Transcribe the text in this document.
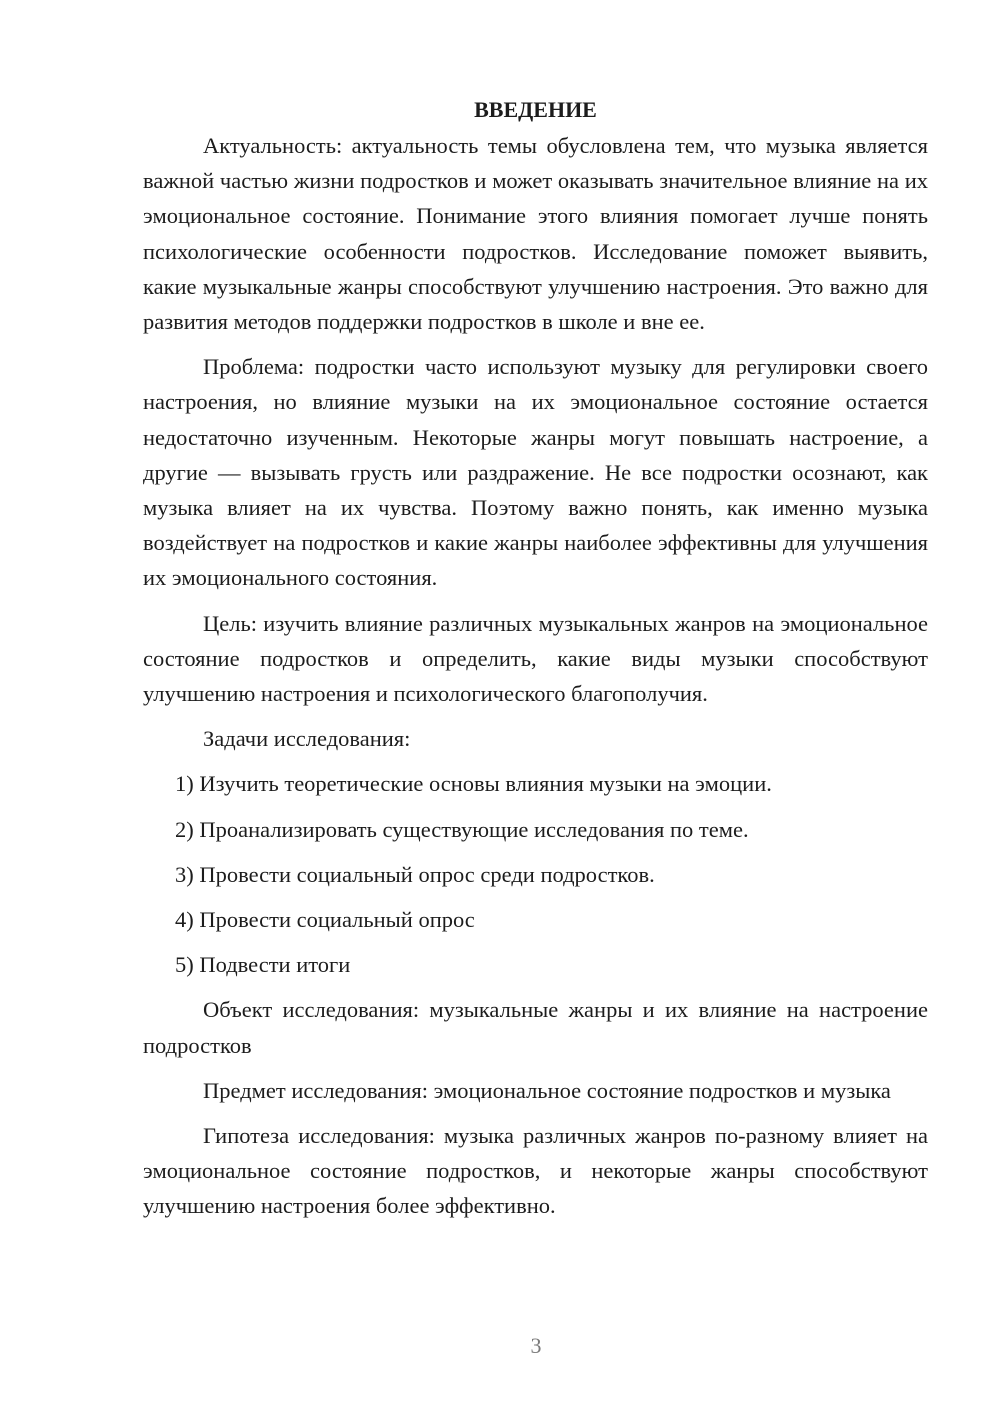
ВВЕДЕНИЕ

Актуальность: актуальность темы обусловлена тем, что музыка является важной частью жизни подростков и может оказывать значительное влияние на их эмоциональное состояние. Понимание этого влияния помогает лучше понять психологические особенности подростков. Исследование поможет выявить, какие музыкальные жанры способствуют улучшению настроения. Это важно для развития методов поддержки подростков в школе и вне ее.

Проблема: подростки часто используют музыку для регулировки своего настроения, но влияние музыки на их эмоциональное состояние остается недостаточно изученным. Некоторые жанры могут повышать настроение, а другие — вызывать грусть или раздражение. Не все подростки осознают, как музыка влияет на их чувства. Поэтому важно понять, как именно музыка воздействует на подростков и какие жанры наиболее эффективны для улучшения их эмоционального состояния.

Цель: изучить влияние различных музыкальных жанров на эмоциональное состояние подростков и определить, какие виды музыки способствуют улучшению настроения и психологического благополучия.

Задачи исследования:

1) Изучить теоретические основы влияния музыки на эмоции.
2) Проанализировать существующие исследования по теме.
3) Провести социальный опрос среди подростков.
4) Провести социальный опрос
5) Подвести итоги

Объект исследования: музыкальные жанры и их влияние на настроение подростков

Предмет исследования: эмоциональное состояние подростков и музыка

Гипотеза исследования: музыка различных жанров по-разному влияет на эмоциональное состояние подростков, и некоторые жанры способствуют улучшению настроения более эффективно.

3
